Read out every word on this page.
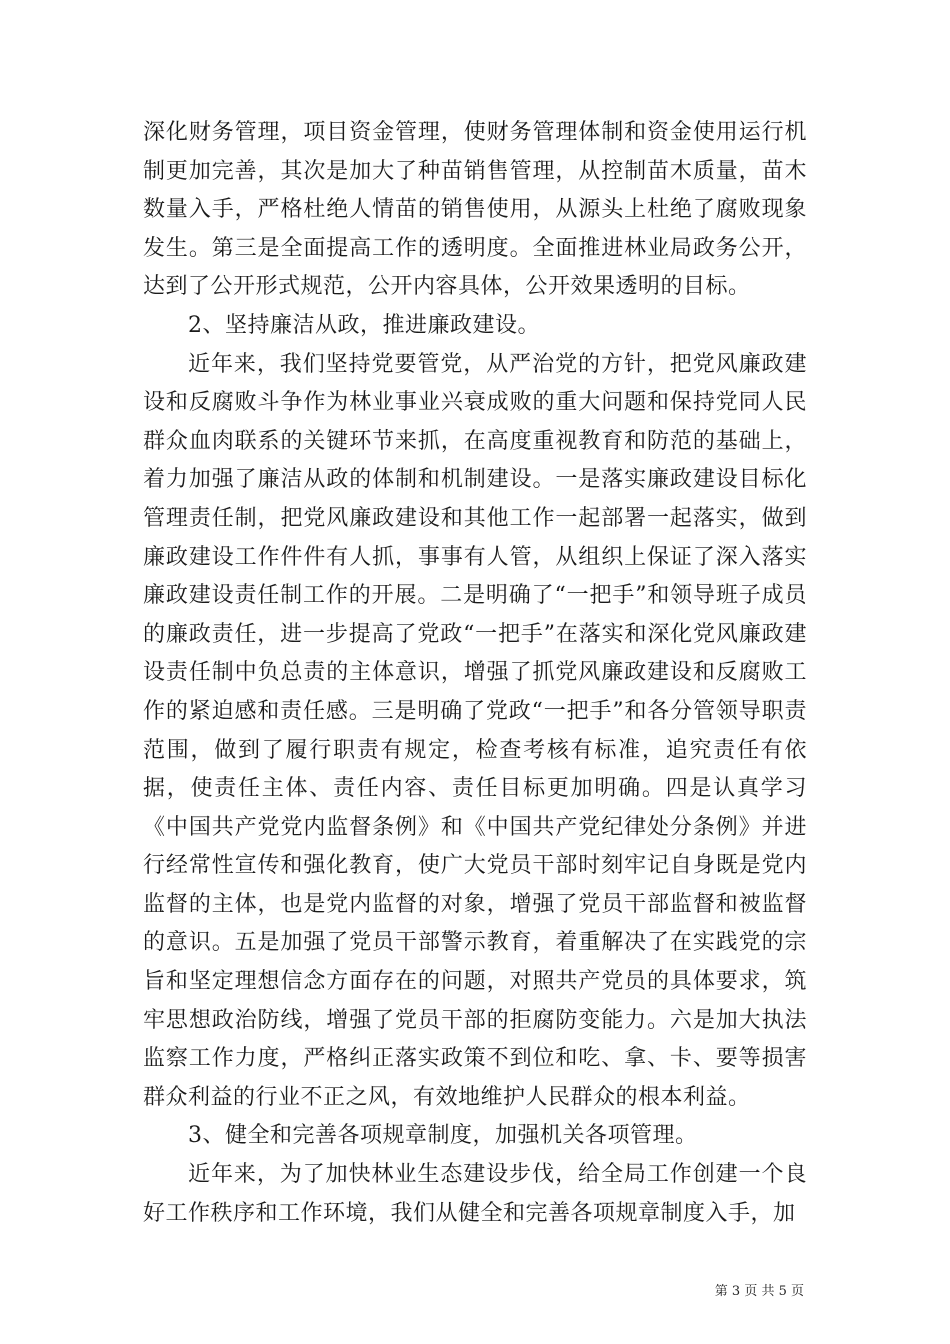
深化财务管理，项目资金管理，使财务管理体制和资金使用运行机制更加完善，其次是加大了种苗销售管理，从控制苗木质量，苗木数量入手，严格杜绝人情苗的销售使用，从源头上杜绝了腐败现象发生。第三是全面提高工作的透明度。全面推进林业局政务公开，达到了公开形式规范，公开内容具体，公开效果透明的目标。

2、坚持廉洁从政，推进廉政建设。

近年来，我们坚持党要管党，从严治党的方针，把党风廉政建设和反腐败斗争作为林业事业兴衰成败的重大问题和保持党同人民群众血肉联系的关键环节来抓，在高度重视教育和防范的基础上，着力加强了廉洁从政的体制和机制建设。一是落实廉政建设目标化管理责任制，把党风廉政建设和其他工作一起部署一起落实，做到廉政建设工作件件有人抓，事事有人管，从组织上保证了深入落实廉政建设责任制工作的开展。二是明确了“一把手”和领导班子成员的廉政责任，进一步提高了党政“一把手”在落实和深化党风廉政建设责任制中负总责的主体意识，增强了抓党风廉政建设和反腐败工作的紧迫感和责任感。三是明确了党政“一把手”和各分管领导职责范围，做到了履行职责有规定，检查考核有标准，追究责任有依据，使责任主体、责任内容、责任目标更加明确。四是认真学习《中国共产党党内监督条例》和《中国共产党纪律处分条例》并进行经常性宣传和强化教育，使广大党员干部时刻牢记自身既是党内监督的主体，也是党内监督的对象，增强了党员干部监督和被监督的意识。五是加强了党员干部警示教育，着重解决了在实践党的宗旨和坚定理想信念方面存在的问题，对照共产党员的具体要求，筑牢思想政治防线，增强了党员干部的拒腐防变能力。六是加大执法监察工作力度，严格纠正落实政策不到位和吃、拿、卡、要等损害群众利益的行业不正之风，有效地维护人民群众的根本利益。

3、健全和完善各项规章制度，加强机关各项管理。

近年来，为了加快林业生态建设步伐，给全局工作创建一个良好工作秩序和工作环境，我们从健全和完善各项规章制度入手，加

第 3 页 共 5 页
